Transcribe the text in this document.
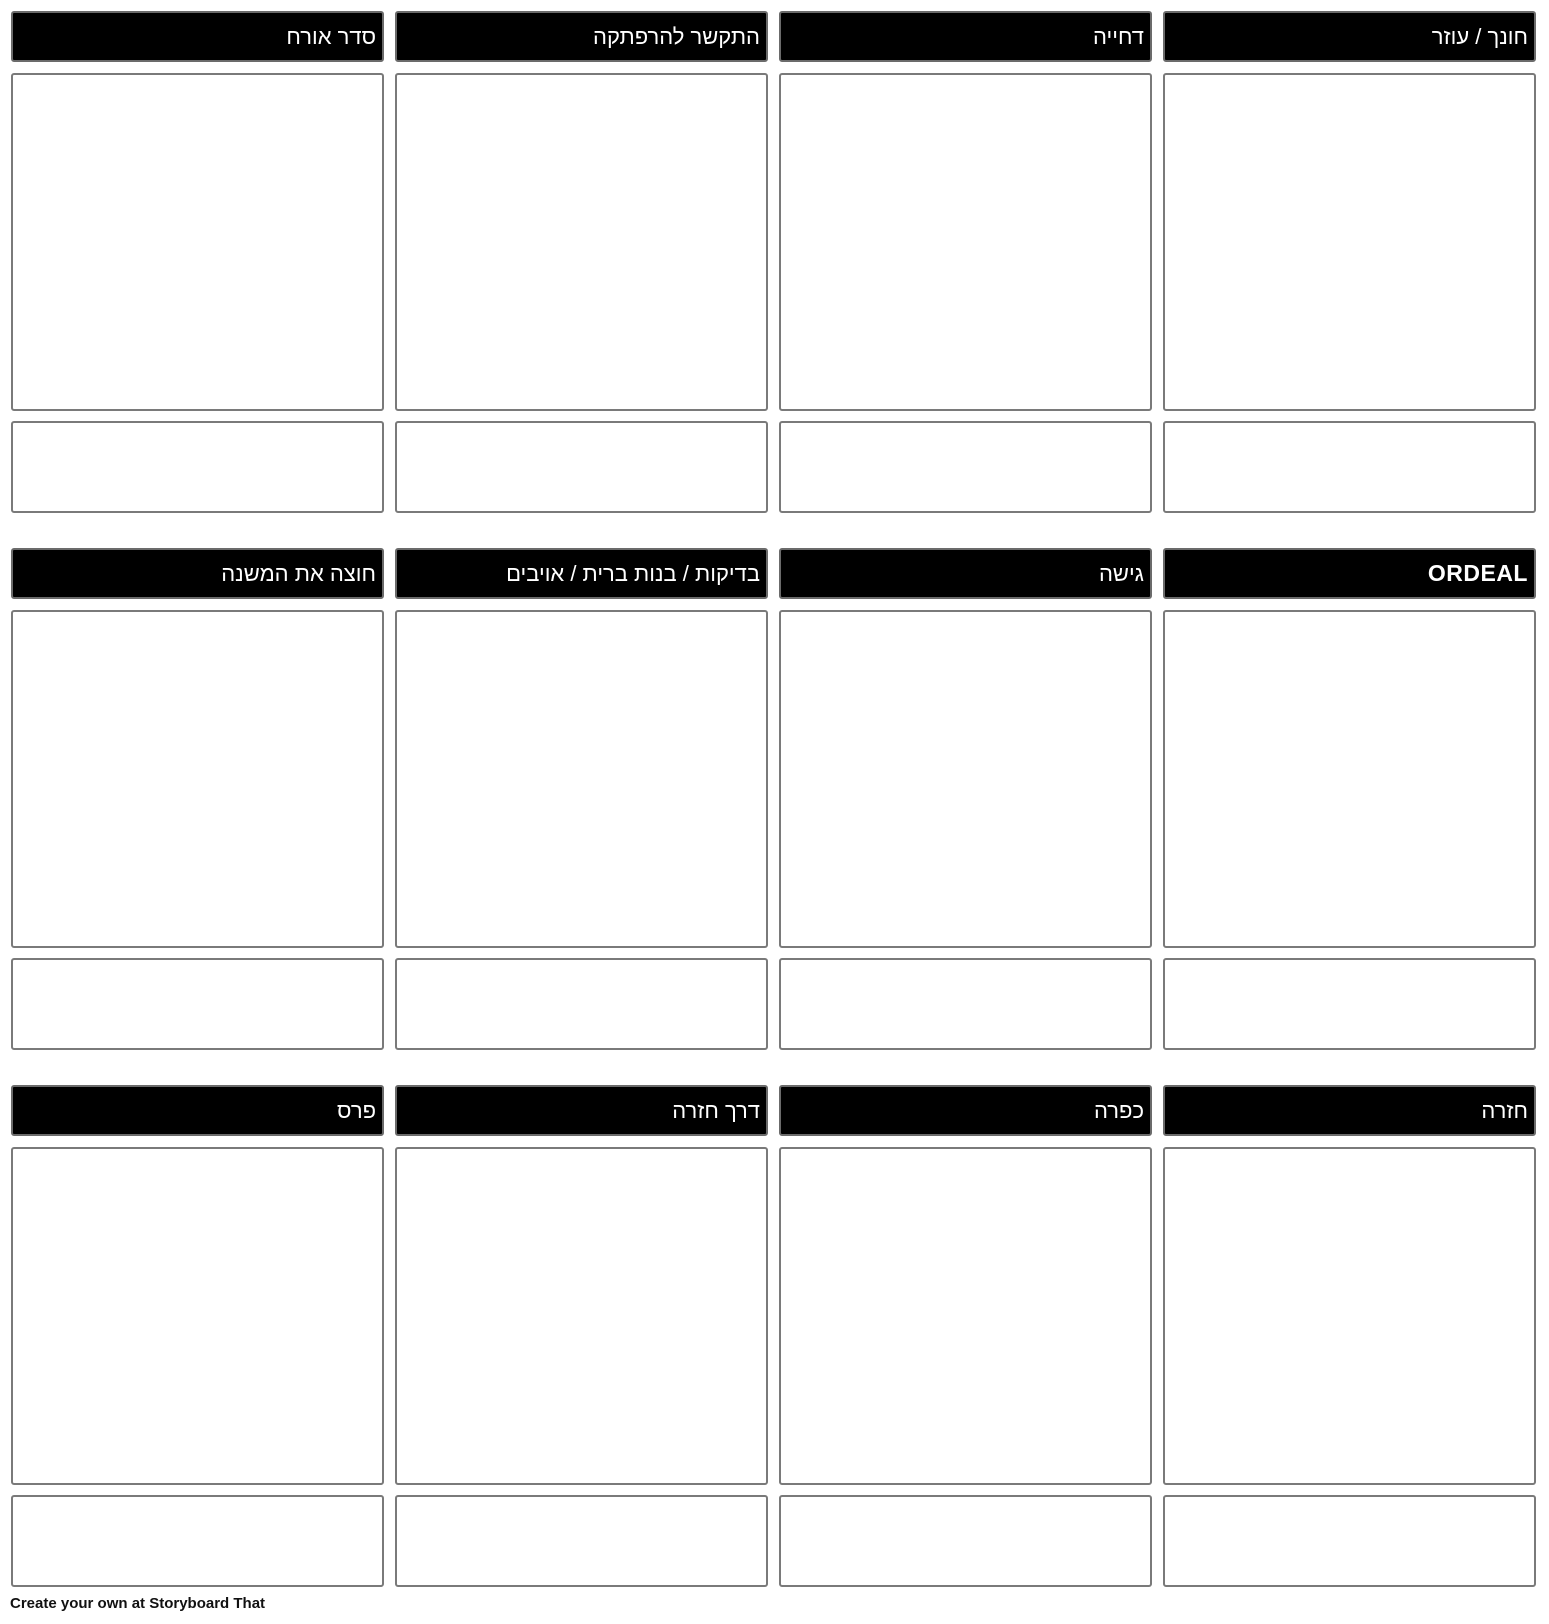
סדר אורח	התקשר להרפתקה	דחייה	חונך / עוזר
חוצה את המשנה	בדיקות / בנות ברית / אויבים	גישה	ORDEAL
פרס	דרך חזרה	כפרה	חזרה
Create your own at Storyboard That
